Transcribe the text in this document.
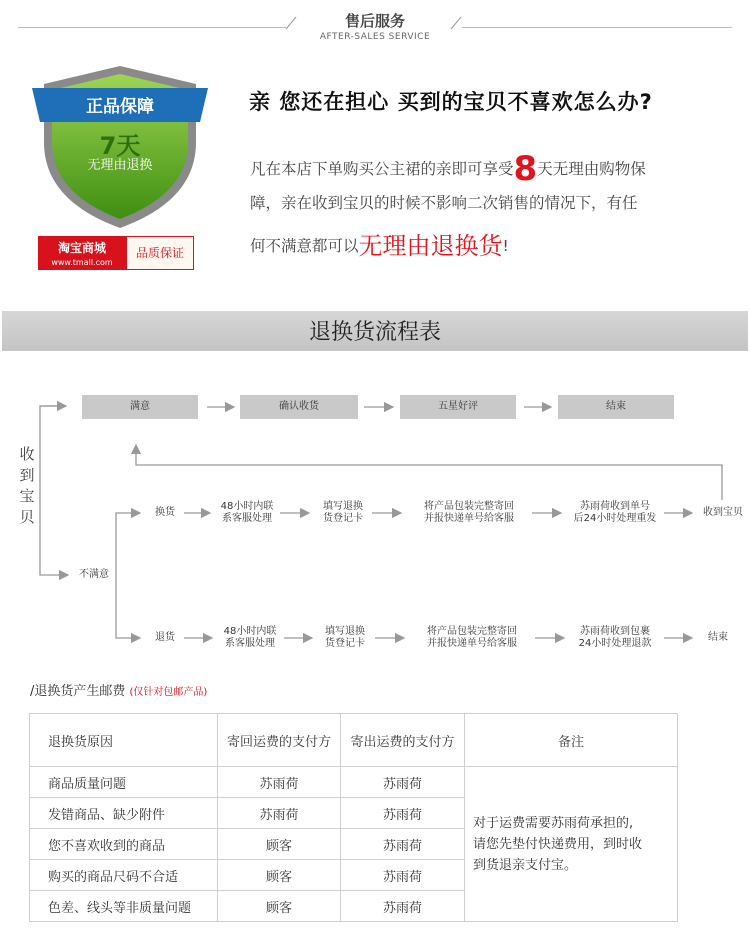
售后服务
AFTER-SALES SERVICE
正品保障
7天
无理由退换
淘宝商城
www.tmall.com
品质保证
亲 您还在担心 买到的宝贝不喜欢怎么办?
凡在本店下单购买公主裙的亲即可享受8天无理由购物保
障，亲在收到宝贝的时候不影响二次销售的情况下，有任
何不满意都可以无理由退换货!
退换货流程表
收
到
宝
贝
满意	确认收货	五星好评	结束
不满意
换货
48小时内联
系客服处理
填写退换
货登记卡
将产品包装完整寄回
并报快递单号给客服
苏雨荷收到单号
后24小时处理重发
收到宝贝
退货
48小时内联
系客服处理
填写退换
货登记卡
将产品包装完整寄回
并报快递单号给客服
苏雨荷收到包裹
24小时处理退款
结束
/退换货产生邮费 (仅针对包邮产品)
退换货原因	寄回运费的支付方	寄出运费的支付方	备注
商品质量问题	苏雨荷	苏雨荷	对于运费需要苏雨荷承担的,
请您先垫付快递费用，到时收
到货退亲支付宝。

发错商品、缺少附件	苏雨荷	苏雨荷	
您不喜欢收到的商品	顾客	苏雨荷	
购买的商品尺码不合适	顾客	苏雨荷	
色差、线头等非质量问题	顾客	苏雨荷	
